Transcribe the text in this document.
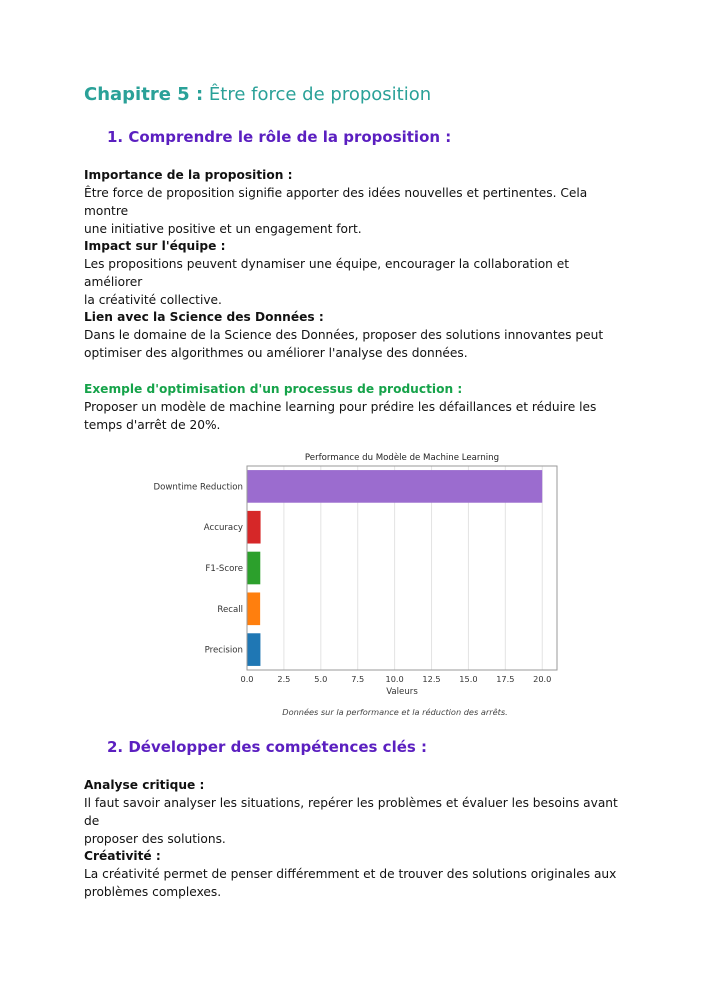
Chapitre 5 : Être force de proposition
1. Comprendre le rôle de la proposition :
Importance de la proposition :
Être force de proposition signifie apporter des idées nouvelles et pertinentes. Cela montre
une initiative positive et un engagement fort.
Impact sur l'équipe :
Les propositions peuvent dynamiser une équipe, encourager la collaboration et améliorer
la créativité collective.
Lien avec la Science des Données :
Dans le domaine de la Science des Données, proposer des solutions innovantes peut
optimiser des algorithmes ou améliorer l'analyse des données.
Exemple d'optimisation d'un processus de production :
Proposer un modèle de machine learning pour prédire les défaillances et réduire les
temps d'arrêt de 20%.
Performance du Modèle de Machine Learning
Downtime Reduction
Accuracy
F1-Score
Recall
Precision
0.0	2.5	5.0	7.5	10.0 12.5 15.0 17.5 20.0
Valeurs
Données sur la performance et la réduction des arrêts.
2. Développer des compétences clés :
Analyse critique :
Il faut savoir analyser les situations, repérer les problèmes et évaluer les besoins avant de
proposer des solutions.
Créativité :
La créativité permet de penser différemment et de trouver des solutions originales aux
problèmes complexes.
